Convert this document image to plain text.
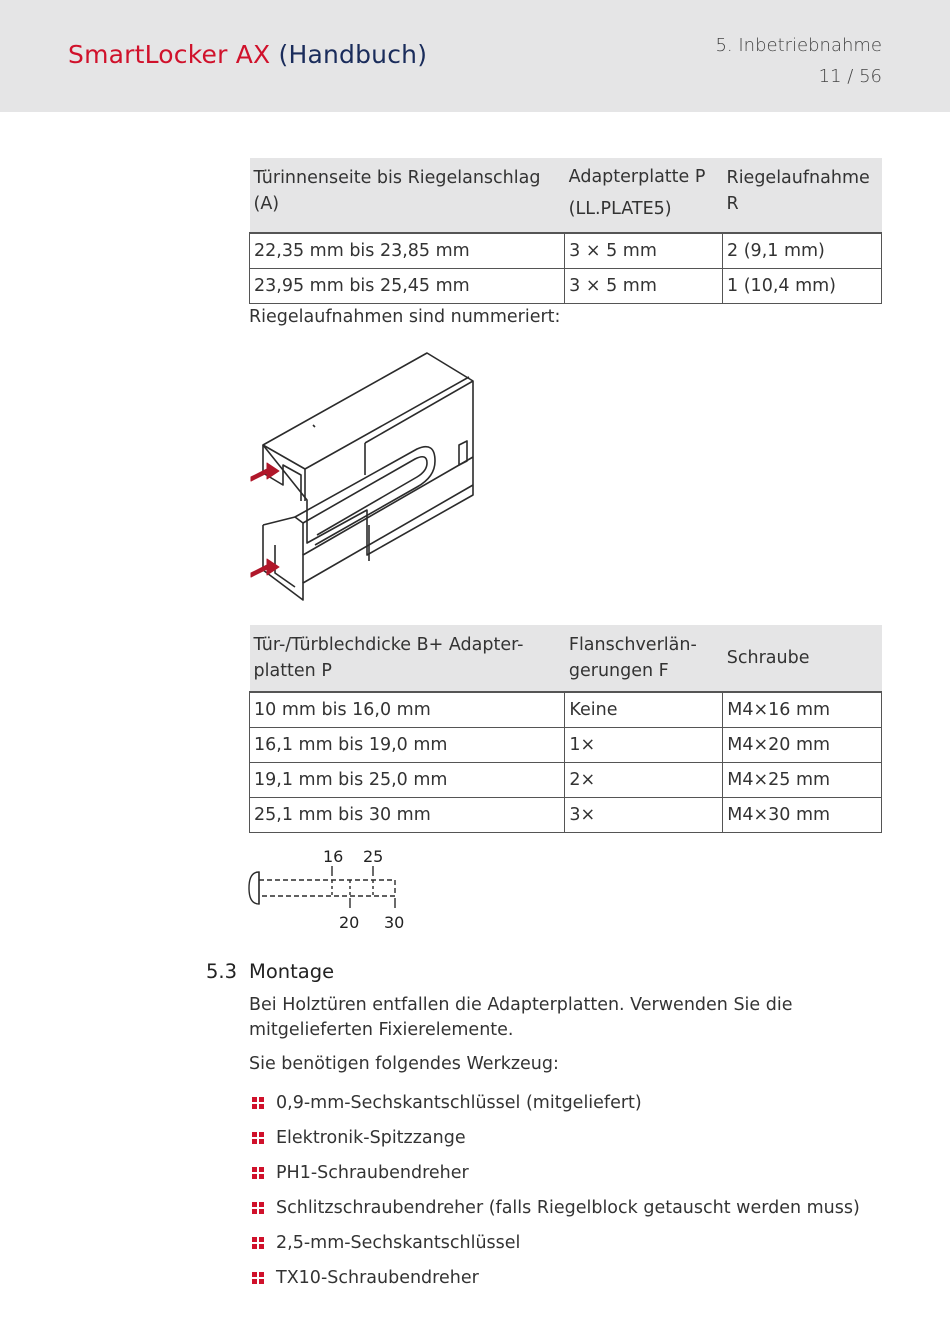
SmartLocker AX (Handbuch)	5. Inbetriebnahme
11 / 56
Türinnenseite bis Riegelanschlag (A)	Adapterplatte P (LL.PLATE5)	Riegelaufnahme R
22,35 mm bis 23,85 mm	3 × 5 mm	2 (9,1 mm)
23,95 mm bis 25,45 mm	3 × 5 mm	1 (10,4 mm)
Riegelaufnahmen sind nummeriert:
Tür-/Türblechdicke B+ Adapter-platten P	Flanschverlän-gerungen F	Schraube
10 mm bis 16,0 mm	Keine	M4×16 mm
16,1 mm bis 19,0 mm	1×	M4×20 mm
19,1 mm bis 25,0 mm	2×	M4×25 mm
25,1 mm bis 30 mm	3×	M4×30 mm
16 25
20 30
5.3 Montage
Bei Holztüren entfallen die Adapterplatten. Verwenden Sie die mitgelieferten Fixierelemente.
Sie benötigen folgendes Werkzeug:
0,9-mm-Sechskantschlüssel (mitgeliefert)
Elektronik-Spitzzange
PH1-Schraubendreher
Schlitzschraubendreher (falls Riegelblock getauscht werden muss)
2,5-mm-Sechskantschlüssel
TX10-Schraubendreher
